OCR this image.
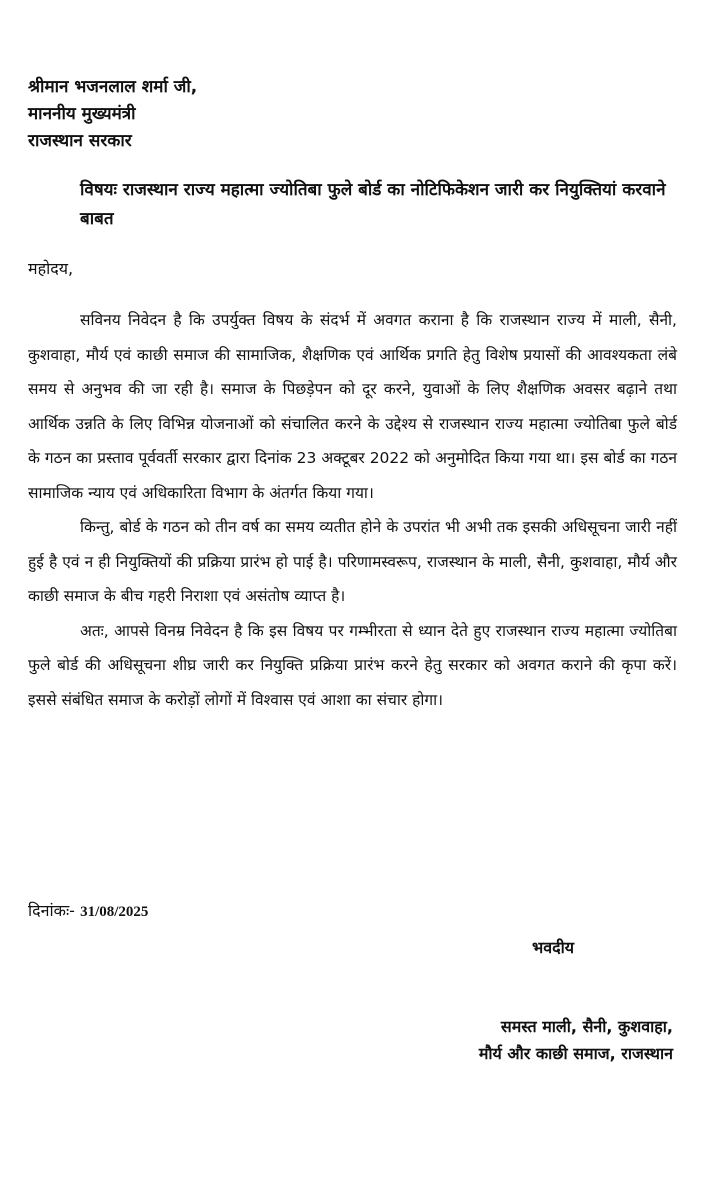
श्रीमान भजनलाल शर्मा जी,
माननीय मुख्यमंत्री
राजस्थान सरकार
विषयः राजस्थान राज्य महात्मा ज्योतिबा फुले बोर्ड का नोटिफिकेशन जारी कर नियुक्तियां करवाने बाबत
महोदय,

सविनय निवेदन है कि उपर्युक्त विषय के संदर्भ में अवगत कराना है कि राजस्थान राज्य में माली, सैनी, कुशवाहा, मौर्य एवं काछी समाज की सामाजिक, शैक्षणिक एवं आर्थिक प्रगति हेतु विशेष प्रयासों की आवश्यकता लंबे समय से अनुभव की जा रही है। समाज के पिछड़ेपन को दूर करने, युवाओं के लिए शैक्षणिक अवसर बढ़ाने तथा आर्थिक उन्नति के लिए विभिन्न योजनाओं को संचालित करने के उद्देश्य से राजस्थान राज्य महात्मा ज्योतिबा फुले बोर्ड के गठन का प्रस्ताव पूर्ववर्ती सरकार द्वारा दिनांक 23 अक्टूबर 2022 को अनुमोदित किया गया था। इस बोर्ड का गठन सामाजिक न्याय एवं अधिकारिता विभाग के अंतर्गत किया गया।

किन्तु, बोर्ड के गठन को तीन वर्ष का समय व्यतीत होने के उपरांत भी अभी तक इसकी अधिसूचना जारी नहीं हुई है एवं न ही नियुक्तियों की प्रक्रिया प्रारंभ हो पाई है। परिणामस्वरूप, राजस्थान के माली, सैनी, कुशवाहा, मौर्य और काछी समाज के बीच गहरी निराशा एवं असंतोष व्याप्त है।

अतः, आपसे विनम्र निवेदन है कि इस विषय पर गम्भीरता से ध्यान देते हुए राजस्थान राज्य महात्मा ज्योतिबा फुले बोर्ड की अधिसूचना शीघ्र जारी कर नियुक्ति प्रक्रिया प्रारंभ करने हेतु सरकार को अवगत कराने की कृपा करें। इससे संबंधित समाज के करोड़ों लोगों में विश्वास एवं आशा का संचार होगा।

दिनांकः- 31/08/2025
भवदीय
समस्त माली, सैनी, कुशवाहा,
मौर्य और काछी समाज, राजस्थान
